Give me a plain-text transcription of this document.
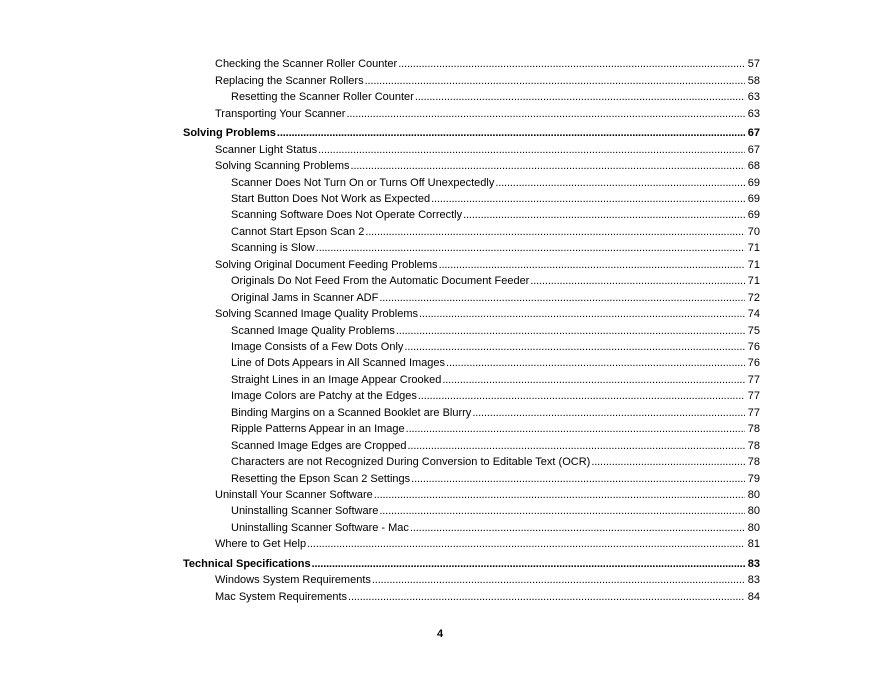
Checking the Scanner Roller Counter . . .	57
Replacing the Scanner Rollers . . .	58
Resetting the Scanner Roller Counter . . .	63
Transporting Your Scanner . . .	63
Solving Problems . . .	67
Scanner Light Status . . .	67
Solving Scanning Problems . . .	68
Scanner Does Not Turn On or Turns Off Unexpectedly . . .	69
Start Button Does Not Work as Expected . . .	69
Scanning Software Does Not Operate Correctly . . .	69
Cannot Start Epson Scan 2 . . .	70
Scanning is Slow . . .	71
Solving Original Document Feeding Problems . . .	71
Originals Do Not Feed From the Automatic Document Feeder . . .	71
Original Jams in Scanner ADF . . .	72
Solving Scanned Image Quality Problems . . .	74
Scanned Image Quality Problems . . .	75
Image Consists of a Few Dots Only . . .	76
Line of Dots Appears in All Scanned Images . . .	76
Straight Lines in an Image Appear Crooked . . .	77
Image Colors are Patchy at the Edges . . .	77
Binding Margins on a Scanned Booklet are Blurry . . .	77
Ripple Patterns Appear in an Image . . .	78
Scanned Image Edges are Cropped . . .	78
Characters are not Recognized During Conversion to Editable Text (OCR) . . .	78
Resetting the Epson Scan 2 Settings . . .	79
Uninstall Your Scanner Software . . .	80
Uninstalling Scanner Software . . .	80
Uninstalling Scanner Software - Mac . . .	80
Where to Get Help . . .	81
Technical Specifications . . .	83
Windows System Requirements . . .	83
Mac System Requirements . . .	84
4
